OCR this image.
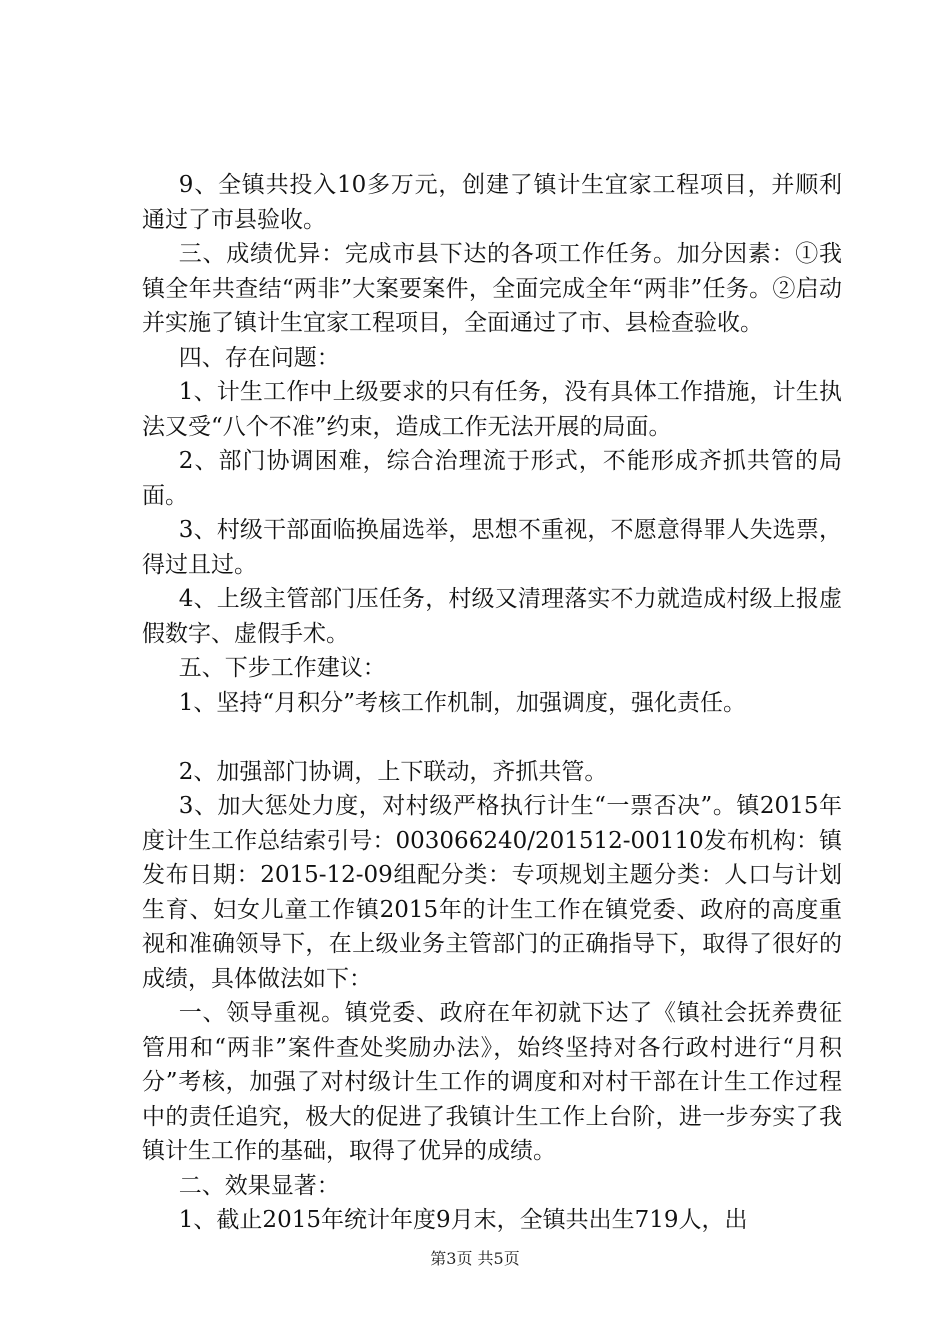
9、全镇共投入10多万元，创建了镇计生宜家工程项目，并顺利通过了市县验收。

三、成绩优异：完成市县下达的各项工作任务。加分因素：①我镇全年共查结“两非”大案要案件，全面完成全年“两非”任务。②启动并实施了镇计生宜家工程项目，全面通过了市、县检查验收。

四、存在问题：

1、计生工作中上级要求的只有任务，没有具体工作措施，计生执法又受“八个不准”约束，造成工作无法开展的局面。

2、部门协调困难，综合治理流于形式，不能形成齐抓共管的局面。

3、村级干部面临换届选举，思想不重视，不愿意得罪人失选票，得过且过。

4、上级主管部门压任务，村级又清理落实不力就造成村级上报虚假数字、虚假手术。

五、下步工作建议：

1、坚持“月积分”考核工作机制，加强调度，强化责任。

2、加强部门协调，上下联动，齐抓共管。

3、加大惩处力度，对村级严格执行计生“一票否决”。镇2015年度计生工作总结索引号：003066240/201512-00110发布机构：镇发布日期：2015-12-09组配分类：专项规划主题分类：人口与计划生育、妇女儿童工作镇2015年的计生工作在镇党委、政府的高度重视和准确领导下，在上级业务主管部门的正确指导下，取得了很好的成绩，具体做法如下：

一、领导重视。镇党委、政府在年初就下达了《镇社会抚养费征管用和“两非”案件查处奖励办法》，始终坚持对各行政村进行“月积分”考核，加强了对村级计生工作的调度和对村干部在计生工作过程中的责任追究，极大的促进了我镇计生工作上台阶，进一步夯实了我镇计生工作的基础，取得了优异的成绩。

二、效果显著：

1、截止2015年统计年度9月末，全镇共出生719人，出

第3页 共5页
